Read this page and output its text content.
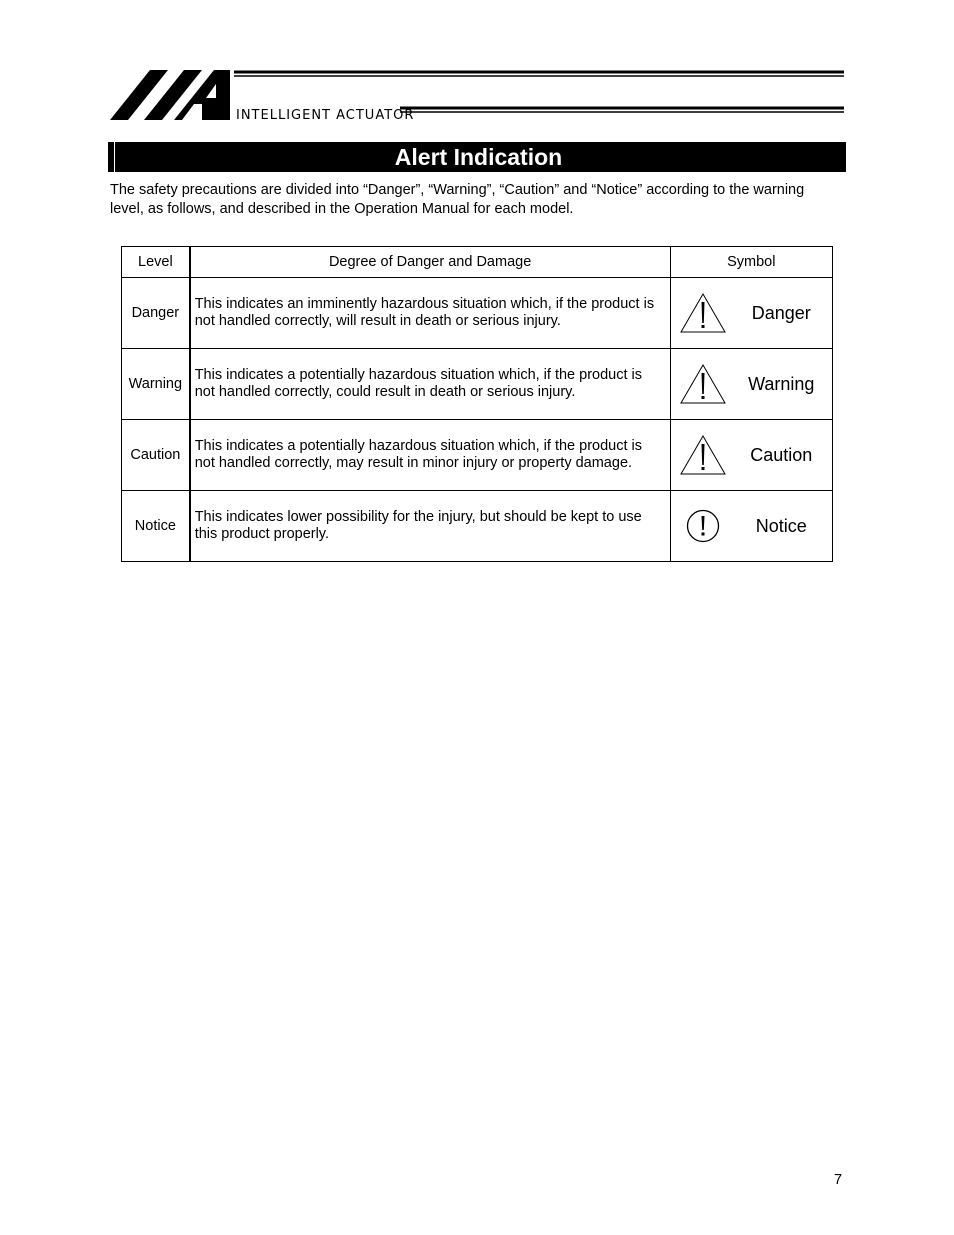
INTELLIGENT ACTUATOR
Alert Indication
The safety precautions are divided into “Danger”, “Warning”, “Caution” and “Notice” according to the warning level, as follows, and described in the Operation Manual for each model.
Level	Degree of Danger and Damage	Symbol
Danger	This indicates an imminently hazardous situation which, if the product is not handled correctly, will result in death or serious injury.	Danger

Warning	This indicates a potentially hazardous situation which, if the product is not handled correctly, could result in death or serious injury.	Warning

Caution	This indicates a potentially hazardous situation which, if the product is not handled correctly, may result in minor injury or property damage.	Caution

Notice	This indicates lower possibility for the injury, but should be kept to use this product properly.	Notice
7
